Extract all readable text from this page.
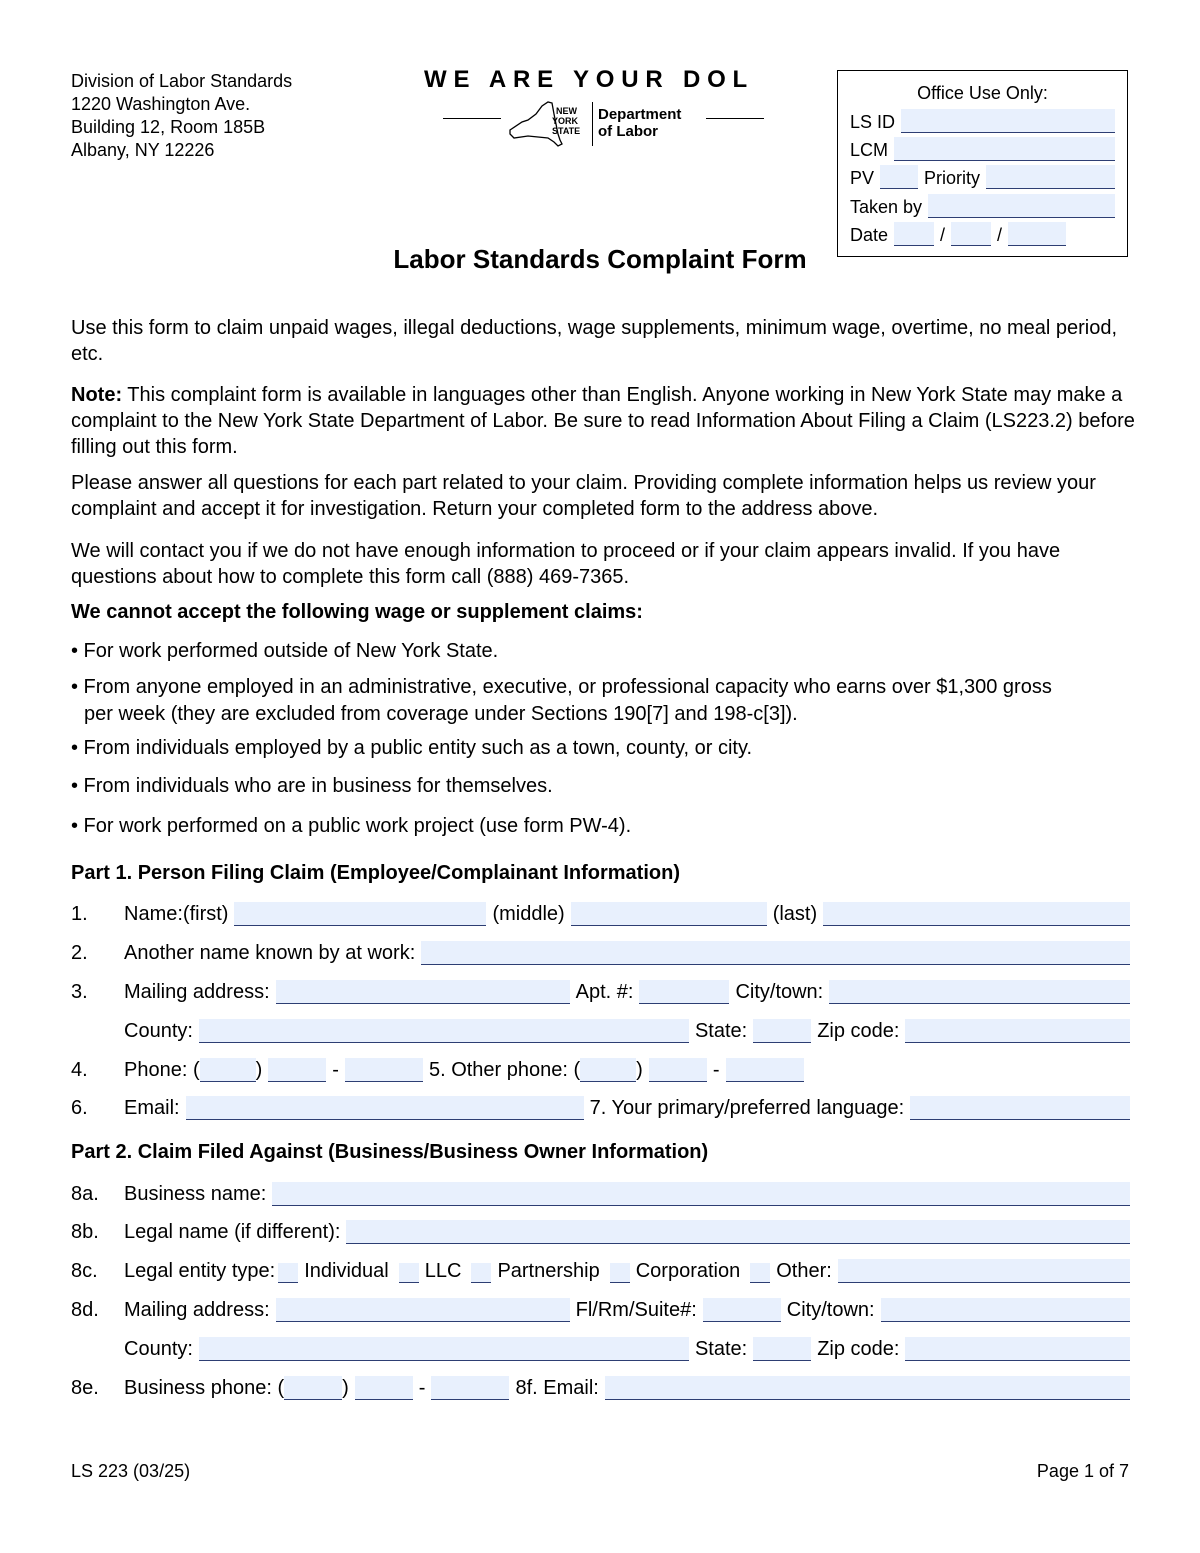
Division of Labor Standards
1220 Washington Ave.
Building 12, Room 185B
Albany, NY 12226
WE ARE YOUR DOL
NEW
YORK
STATE
Department
of Labor
Office Use Only:
LS ID
LCM
PV	Priority
Taken by
Date	/	/
Labor Standards Complaint Form
Use this form to claim unpaid wages, illegal deductions, wage supplements, minimum wage, overtime, no meal period, etc.
Note: This complaint form is available in languages other than English. Anyone working in New York State may make a complaint to the New York State Department of Labor. Be sure to read Information About Filing a Claim (LS223.2) before filling out this form.
Please answer all questions for each part related to your claim. Providing complete information helps us review your complaint and accept it for investigation. Return your completed form to the address above.
We will contact you if we do not have enough information to proceed or if your claim appears invalid. If you have questions about how to complete this form call (888) 469-7365.
We cannot accept the following wage or supplement claims:
• For work performed outside of New York State.
• From anyone employed in an administrative, executive, or professional capacity who earns over $1,300 gross
per week (they are excluded from coverage under Sections 190[7] and 198-c[3]).
• From individuals employed by a public entity such as a town, county, or city.
• From individuals who are in business for themselves.
• For work performed on a public work project (use form PW-4).
Part 1. Person Filing Claim (Employee/Complainant Information)
1.	Name:(first)	(middle)	(last)
2.	Another name known by at work:
3.	Mailing address:	Apt. #:	City/town:
County:	State:	Zip code:
4.	Phone: (	)	-	5. Other phone: (	)	-
6.	Email:	7. Your primary/preferred language:
Part 2. Claim Filed Against (Business/Business Owner Information)
8a.	Business name:
8b.	Legal name (if different):
8c.	Legal entity type: Individual LLC Partnership Corporation Other:
8d.	Mailing address:	Fl/Rm/Suite#:	City/town:
County:	State:	Zip code:
8e.	Business phone: (	)	-	8f. Email:
LS 223 (03/25)	Page 1 of 7
